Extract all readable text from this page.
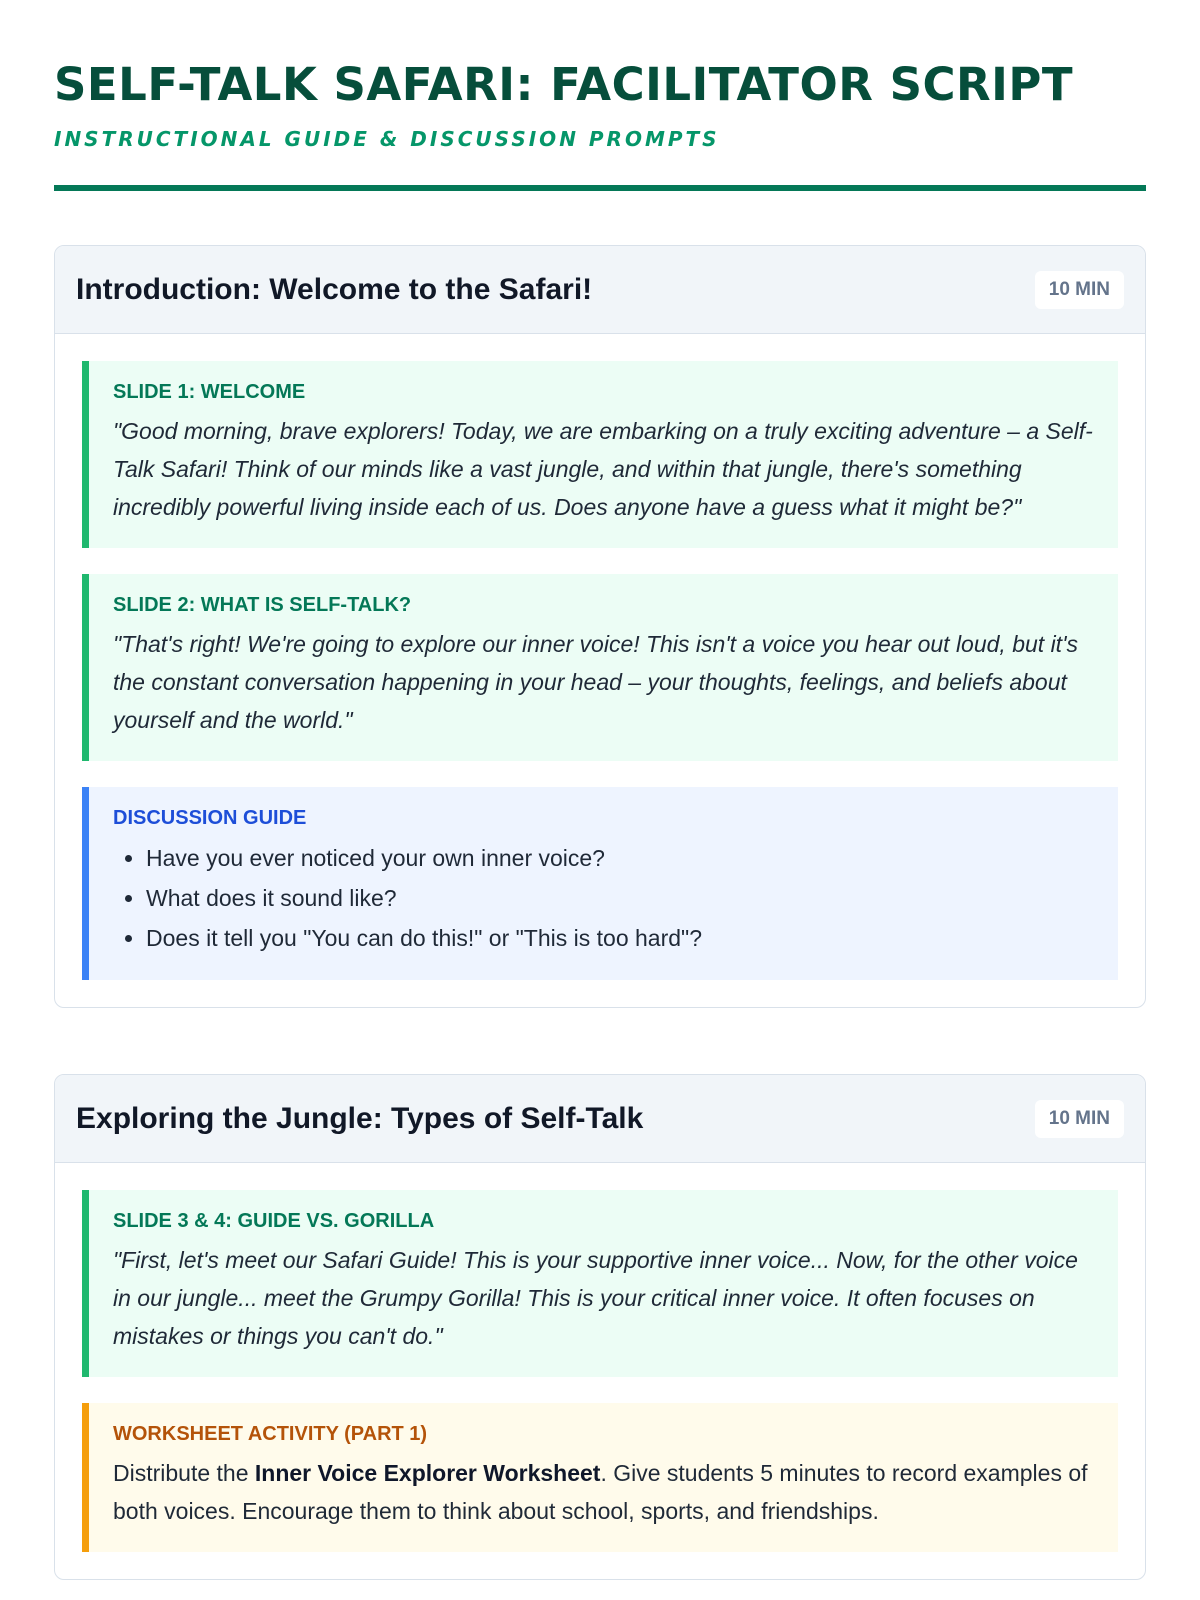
SELF-TALK SAFARI: FACILITATOR SCRIPT
INSTRUCTIONAL GUIDE & DISCUSSION PROMPTS
Introduction: Welcome to the Safari!	10 MIN
SLIDE 1: WELCOME
"Good morning, brave explorers! Today, we are embarking on a truly exciting adventure – a Self-Talk Safari! Think of our minds like a vast jungle, and within that jungle, there's something incredibly powerful living inside each of us. Does anyone have a guess what it might be?"
SLIDE 2: WHAT IS SELF-TALK?
"That's right! We're going to explore our inner voice! This isn't a voice you hear out loud, but it's the constant conversation happening in your head – your thoughts, feelings, and beliefs about yourself and the world."
DISCUSSION GUIDE
• Have you ever noticed your own inner voice?
• What does it sound like?
• Does it tell you "You can do this!" or "This is too hard"?
Exploring the Jungle: Types of Self-Talk	10 MIN
SLIDE 3 & 4: GUIDE VS. GORILLA
"First, let's meet our Safari Guide! This is your supportive inner voice... Now, for the other voice in our jungle... meet the Grumpy Gorilla! This is your critical inner voice. It often focuses on mistakes or things you can't do."
WORKSHEET ACTIVITY (PART 1)
Distribute the Inner Voice Explorer Worksheet. Give students 5 minutes to record examples of both voices. Encourage them to think about school, sports, and friendships.
